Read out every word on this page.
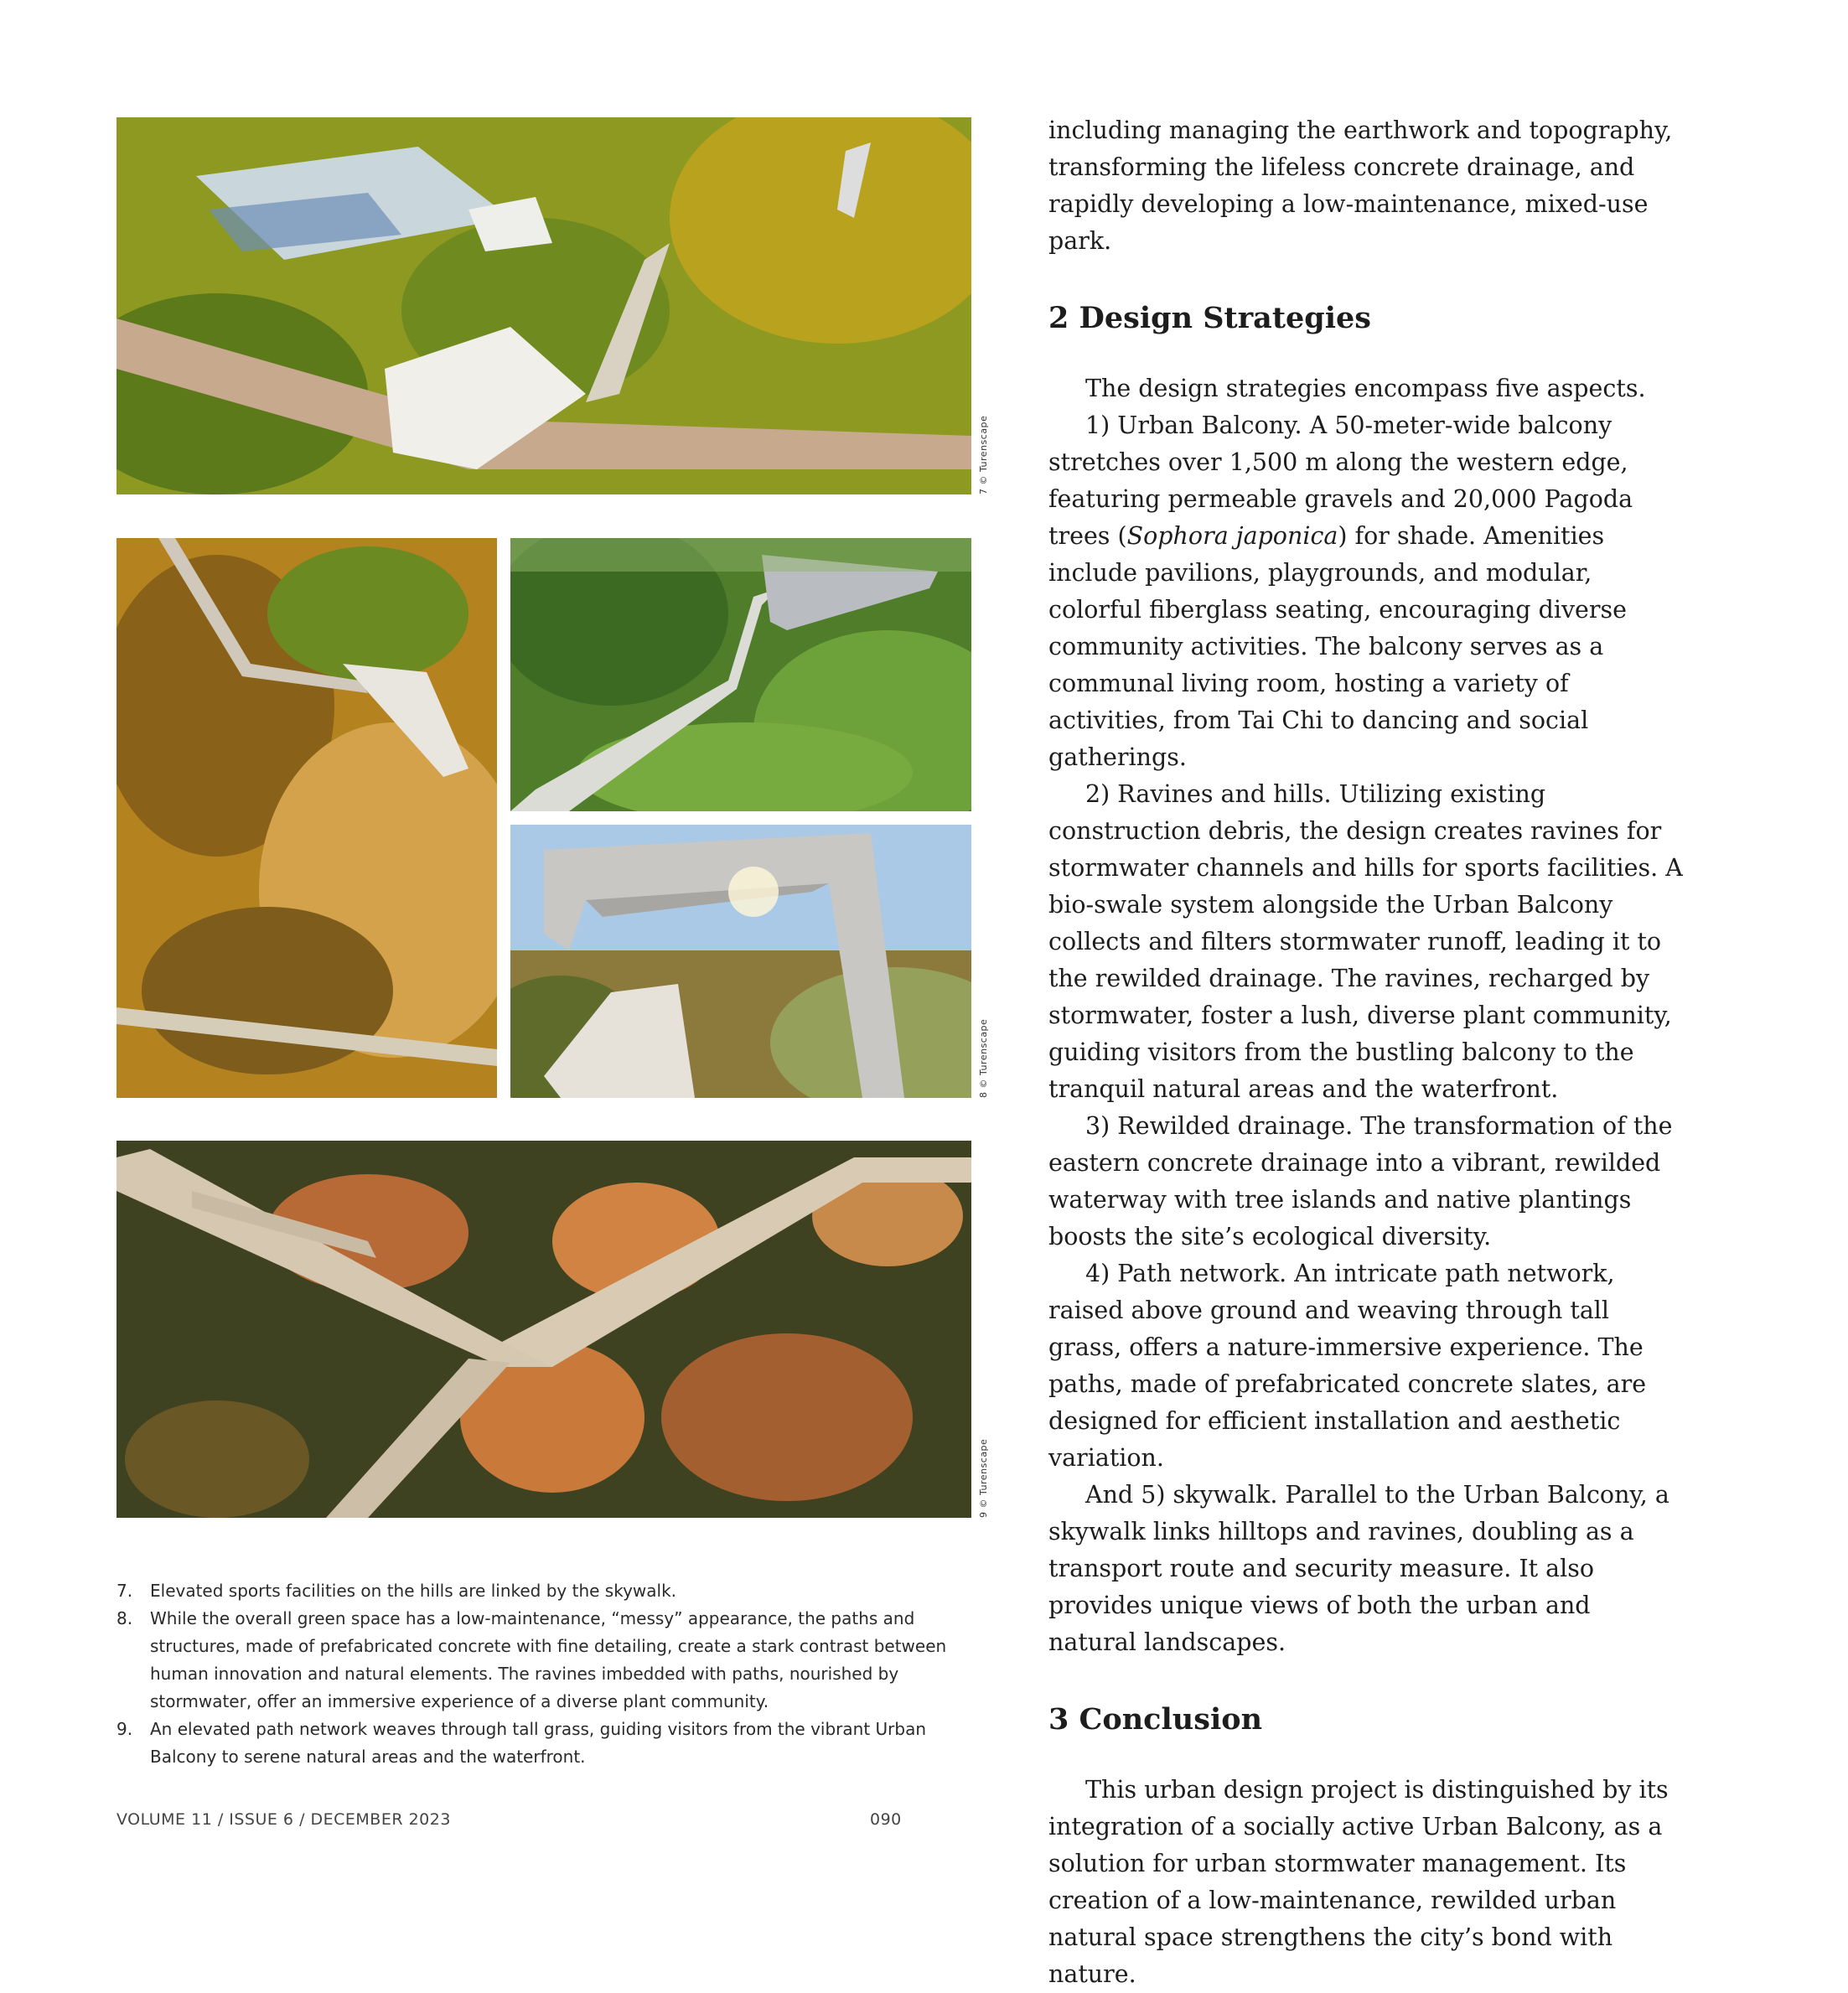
7 © Turenscape
8 © Turenscape
9 © Turenscape
7. Elevated sports facilities on the hills are linked by the skywalk.
8. While the overall green space has a low-maintenance, “messy” appearance, the paths and structures, made of prefabricated concrete with fine detailing, create a stark contrast between human innovation and natural elements. The ravines imbedded with paths, nourished by stormwater, offer an immersive experience of a diverse plant community.
9. An elevated path network weaves through tall grass, guiding visitors from the vibrant Urban Balcony to serene natural areas and the waterfront.

including managing the earthwork and topography, transforming the lifeless concrete drainage, and rapidly developing a low-maintenance, mixed-use park.

2 Design Strategies

The design strategies encompass five aspects.

1) Urban Balcony. A 50-meter-wide balcony stretches over 1,500 m along the western edge, featuring permeable gravels and 20,000 Pagoda trees (Sophora japonica) for shade. Amenities include pavilions, playgrounds, and modular, colorful fiberglass seating, encouraging diverse community activities. The balcony serves as a communal living room, hosting a variety of activities, from Tai Chi to dancing and social gatherings.

2) Ravines and hills. Utilizing existing construction debris, the design creates ravines for stormwater channels and hills for sports facilities. A bio-swale system alongside the Urban Balcony collects and filters stormwater runoff, leading it to the rewilded drainage. The ravines, recharged by stormwater, foster a lush, diverse plant community, guiding visitors from the bustling balcony to the tranquil natural areas and the waterfront.

3) Rewilded drainage. The transformation of the eastern concrete drainage into a vibrant, rewilded waterway with tree islands and native plantings boosts the site’s ecological diversity.

4) Path network. An intricate path network, raised above ground and weaving through tall grass, offers a nature-immersive experience. The paths, made of prefabricated concrete slates, are designed for efficient installation and aesthetic variation.

And 5) skywalk. Parallel to the Urban Balcony, a skywalk links hilltops and ravines, doubling as a transport route and security measure. It also provides unique views of both the urban and natural landscapes.

3 Conclusion

This urban design project is distinguished by its integration of a socially active Urban Balcony, as a solution for urban stormwater management. Its creation of a low-maintenance, rewilded urban natural space strengthens the city’s bond with nature.

VOLUME 11 / ISSUE 6 / DECEMBER 2023	090
